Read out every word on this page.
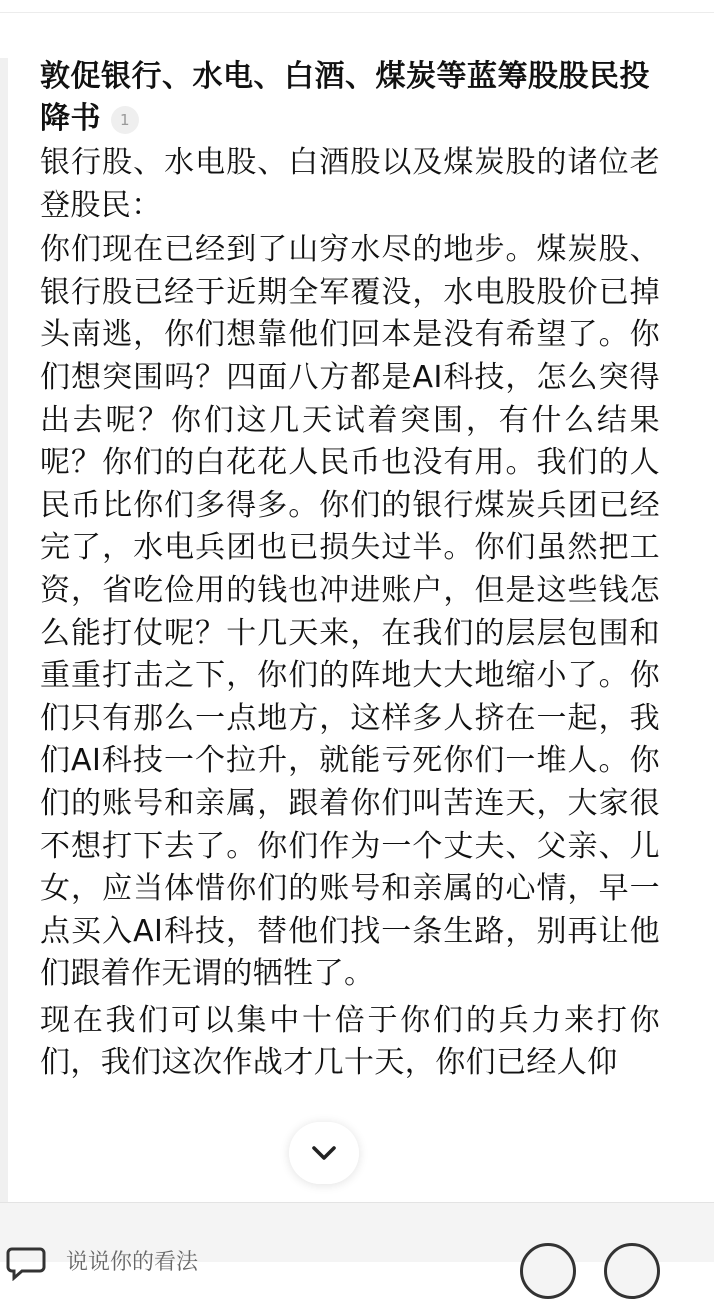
敦促银行、水电、白酒、煤炭等蓝筹股股民投降书 1

银行股、水电股、白酒股以及煤炭股的诸位老登股民：

你们现在已经到了山穷水尽的地步。煤炭股、银行股已经于近期全军覆没，水电股股价已掉头南逃，你们想靠他们回本是没有希望了。你们想突围吗？四面八方都是AI科技，怎么突得出去呢？你们这几天试着突围，有什么结果呢？你们的白花花人民币也没有用。我们的人民币比你们多得多。你们的银行煤炭兵团已经完了，水电兵团也已损失过半。你们虽然把工资，省吃俭用的钱也冲进账户，但是这些钱怎么能打仗呢？十几天来，在我们的层层包围和重重打击之下，你们的阵地大大地缩小了。你们只有那么一点地方，这样多人挤在一起，我们AI科技一个拉升，就能亏死你们一堆人。你们的账号和亲属，跟着你们叫苦连天，大家很不想打下去了。你们作为一个丈夫、父亲、儿女，应当体惜你们的账号和亲属的心情，早一点买入AI科技，替他们找一条生路，别再让他们跟着作无谓的牺牲了。

现在我们可以集中十倍于你们的兵力来打你们，我们这次作战才几十天，你们已经人仰

说说你的看法
